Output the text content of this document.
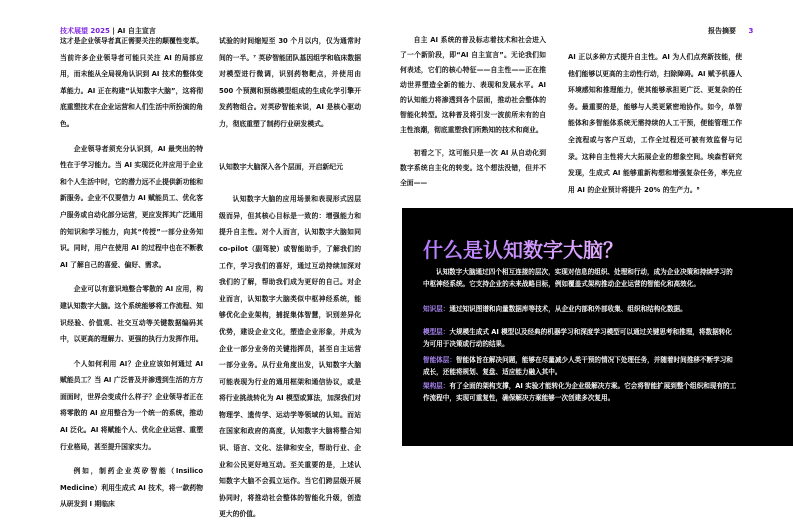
技术展望 2025 | AI 自主宣言	报告摘要 3

这才是企业领导者真正需要关注的颠覆性变革。当前许多企业领导者可能只关注 AI 的局部应用，而未能从全局视角认识到 AI 技术的整体变革能力。AI 正在构建“认知数字大脑”，这将彻底重塑技术在企业运营和人们生活中所扮演的角色。

企业领导者须充分认识到，AI 最突出的特性在于学习能力。当 AI 实现泛化并应用于企业和个人生活中时，它的潜力远不止提供新功能和新服务。企业不仅要借力 AI 赋能员工、优化客户服务或自动化部分运营，更应发挥其广泛通用的知识和学习能力，向其“传授”一部分业务知识。同时，用户在使用 AI 的过程中也在不断教 AI 了解自己的喜爱、偏好、需求。

企业可以有意识地整合零散的 AI 应用，构建认知数字大脑。这个系统能够将工作流程、知识经验、价值观、社交互动等关键数据编码其中，以更高的理解力、更强的执行力发挥作用。

个人如何利用 AI？企业应该如何通过 AI 赋能员工？当 AI 广泛普及并渗透到生活的方方面面时，世界会变成什么样子？企业领导者正在将零散的 AI 应用整合为一个统一的系统，推动 AI 泛化。AI 将赋能个人、优化企业运营、重塑行业格局，甚至提升国家实力。

例如，制药企业英矽智能（Insilico Medicine）利用生成式 AI 技术，将一款药物从研发到 I 期临床

试验的时间缩短至 30 个月以内，仅为通常时间的一半。⁷ 英矽智能团队基因组学和临床数据对模型进行微调，识别药物靶点，并使用由 500 个预测和预练模型组成的生成化学引擎开发药物组合。对英矽智能来说，AI 是核心驱动力，彻底重塑了制药行业研发模式。

认知数字大脑深入各个层面，开启新纪元

认知数字大脑的应用场景和表现形式因层级而异，但其核心目标是一致的：增强能力和提升自主性。对个人而言，认知数字大脑如同 co-pilot（副驾驶）或智能助手，了解我们的工作，学习我们的喜好，通过互动持续加深对我们的了解，帮助我们成为更好的自己。对企业而言，认知数字大脑类似中枢神经系统，能够优化企业架构，捕捉集体智慧，识别差异化优势，建设企业文化，塑造企业形象，并成为企业一部分业务的关键指挥员，甚至自主运营一部分业务。从行业角度出发，认知数字大脑可能表现为行业的通用框架和通信协议，或是将行业挑战转化为 AI 模型或算法，加深我们对物理学、遗传学、运动学等领域的认知。而站在国家和政府的高度，认知数字大脑将整合知识、语言、文化、法律和安全，帮助行业、企业和公民更好地互动。至关重要的是，上述认知数字大脑不会孤立运作。当它们跨层级开展协同时，将推动社会整体的智能化升级，创造更大的价值。

自主 AI 系统的普及标志着技术和社会进入了一个新阶段，即“AI 自主宣言”。无论我们如何表述，它们的核心特征——自主性——正在推动世界塑造全新的能力、表现和发展水平。AI 的认知能力将渗透到各个层面，推动社会整体的智能化转型。这种普及将引发一波前所未有的自主性浪潮，彻底重塑我们所熟知的技术和商业。

初看之下，这可能只是一次 AI 从自动化到数字系统自主化的转变。这个想法没错，但并不全面——

AI 正以多种方式提升自主性。AI 为人们点亮新技能，使他们能够以更高的主动性行动，扫除障碍。AI 赋予机器人环境感知和推理能力，使其能够承担更广泛、更复杂的任务。最重要的是，能够与人类更紧密地协作。如今，单智能体和多智能体系统无需持续的人工干预，便能管理工作全流程或与客户互动，工作全过程还可被有效监督与记录。这种自主性将大大拓展企业的想象空间。埃森哲研究发现，生成式 AI 能够重新构想和增强复杂任务，率先应用 AI 的企业预计将提升 20% 的生产力。⁸

什么是认知数字大脑？
认知数字大脑通过四个相互连接的层次，实现对信息的组织、处理和行动，成为企业决策和持续学习的中枢神经系统。它支持企业的未来战略目标，例如覆盖式架构推动企业运营的智能化和高效化。
知识层：通过知识图谱和向量数据库等技术，从企业内部和外部收集、组织和结构化数据。
模型层：大规模生成式 AI 模型以及经典的机器学习和深度学习模型可以通过关键思考和推理，将数据转化为可用于决策或行动的结果。
智能体层：智能体旨在解决问题，能够在尽量减少人类干预的情况下处理任务，并随着时间推移不断学习和成长，还能将规划、复盘、适应能力融入其中。
架构层：有了全面的架构支撑，AI 实验才能转化为企业级解决方案。它会将智能扩展到整个组织和现有的工作流程中，实现可重复性，确保解决方案能够一次创建多次复用。
